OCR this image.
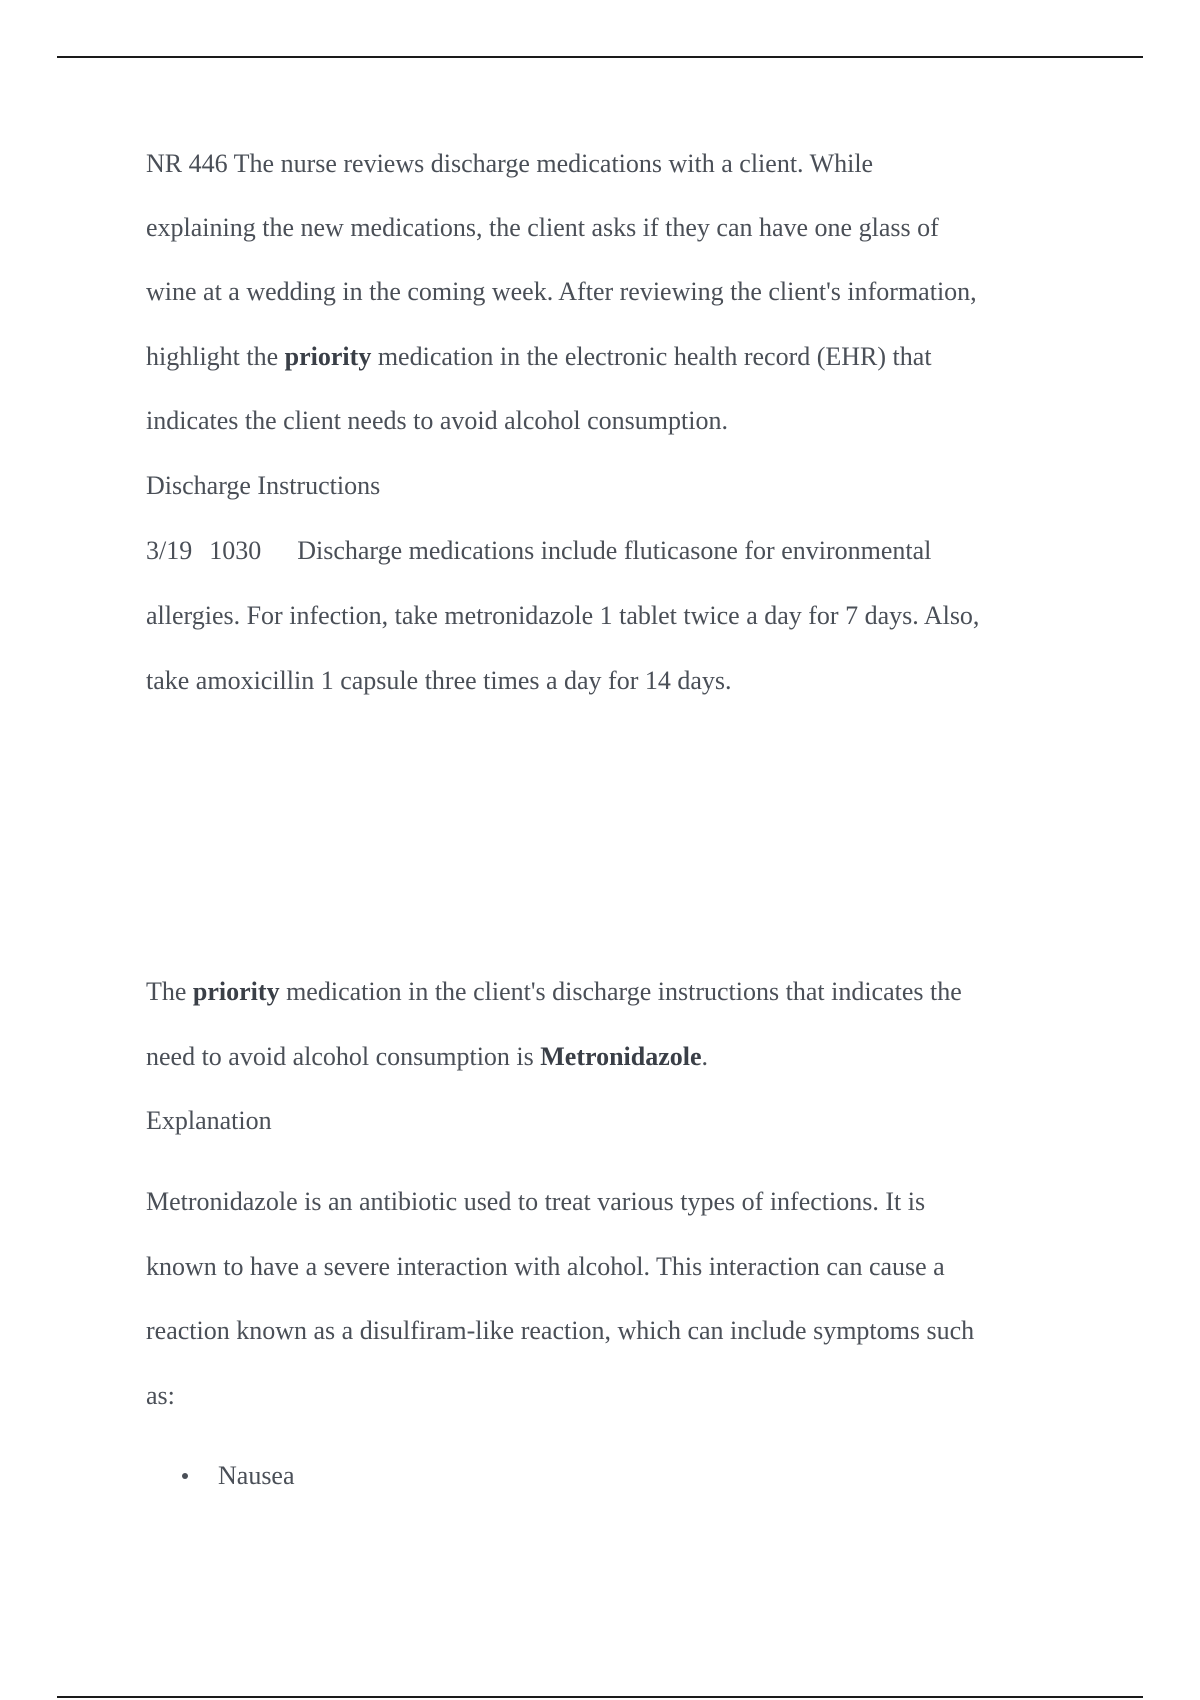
NR 446 The nurse reviews discharge medications with a client. While
explaining the new medications, the client asks if they can have one glass of
wine at a wedding in the coming week. After reviewing the client's information,
highlight the priority medication in the electronic health record (EHR) that
indicates the client needs to avoid alcohol consumption.
Discharge Instructions
3/19 1030 Discharge medications include fluticasone for environmental
allergies. For infection, take metronidazole 1 tablet twice a day for 7 days. Also,
take amoxicillin 1 capsule three times a day for 14 days.
The priority medication in the client's discharge instructions that indicates the
need to avoid alcohol consumption is Metronidazole.
Explanation
Metronidazole is an antibiotic used to treat various types of infections. It is
known to have a severe interaction with alcohol. This interaction can cause a
reaction known as a disulfiram-like reaction, which can include symptoms such
as:
Nausea
